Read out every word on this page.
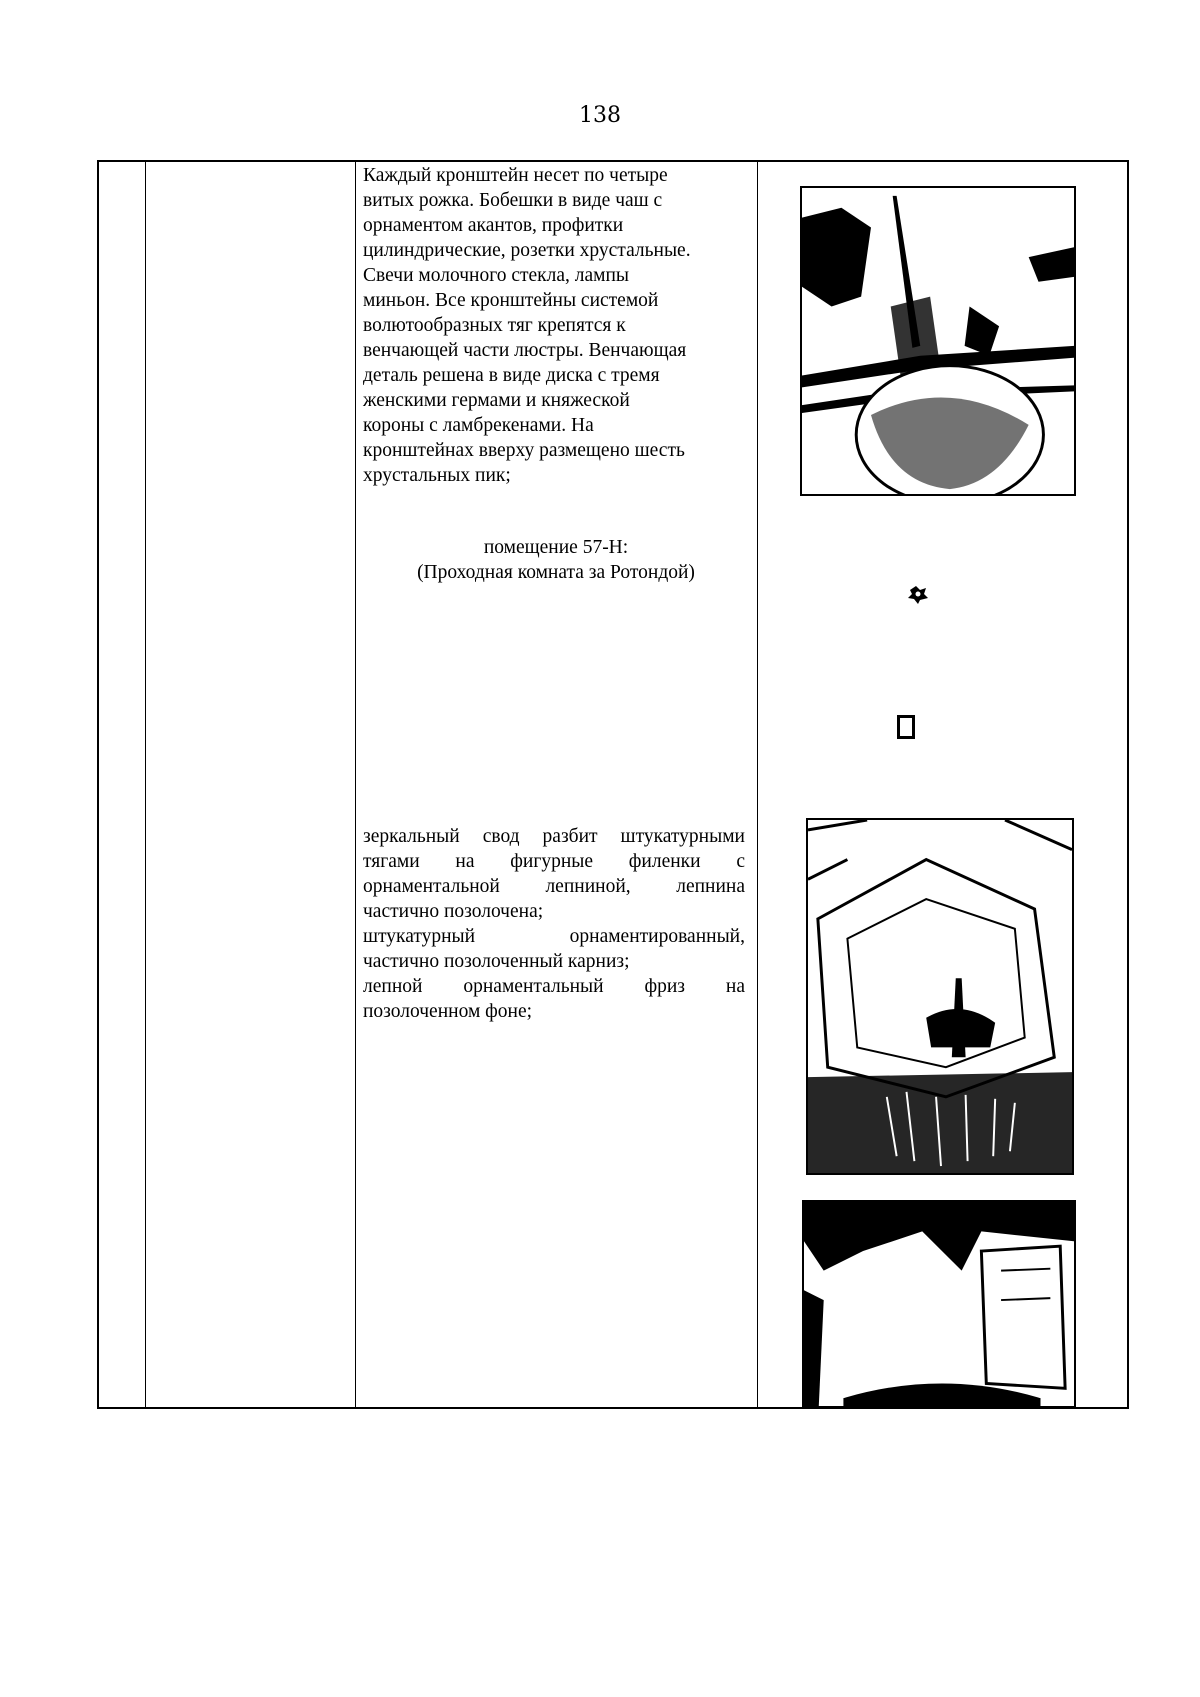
138
Каждый кронштейн несет по четыре
витых рожка. Бобешки в виде чаш с
орнаментом акантов, профитки
цилиндрические, розетки хрустальные.
Свечи молочного стекла, лампы
миньон. Все кронштейны системой
волютообразных тяг крепятся к
венчающей части люстры. Венчающая
деталь решена в виде диска с тремя
женскими гермами и княжеской
короны с ламбрекенами. На
кронштейнах вверху размещено шесть
хрустальных пик;
помещение 57-Н:
(Проходная комната за Ротондой)
зеркальный свод разбит штукатурными
тягами на фигурные филенки с
орнаментальной лепниной, лепнина
частично позолочена;
штукатурный орнаментированный,
частично позолоченный карниз;
лепной орнаментальный фриз на
позолоченном фоне;
